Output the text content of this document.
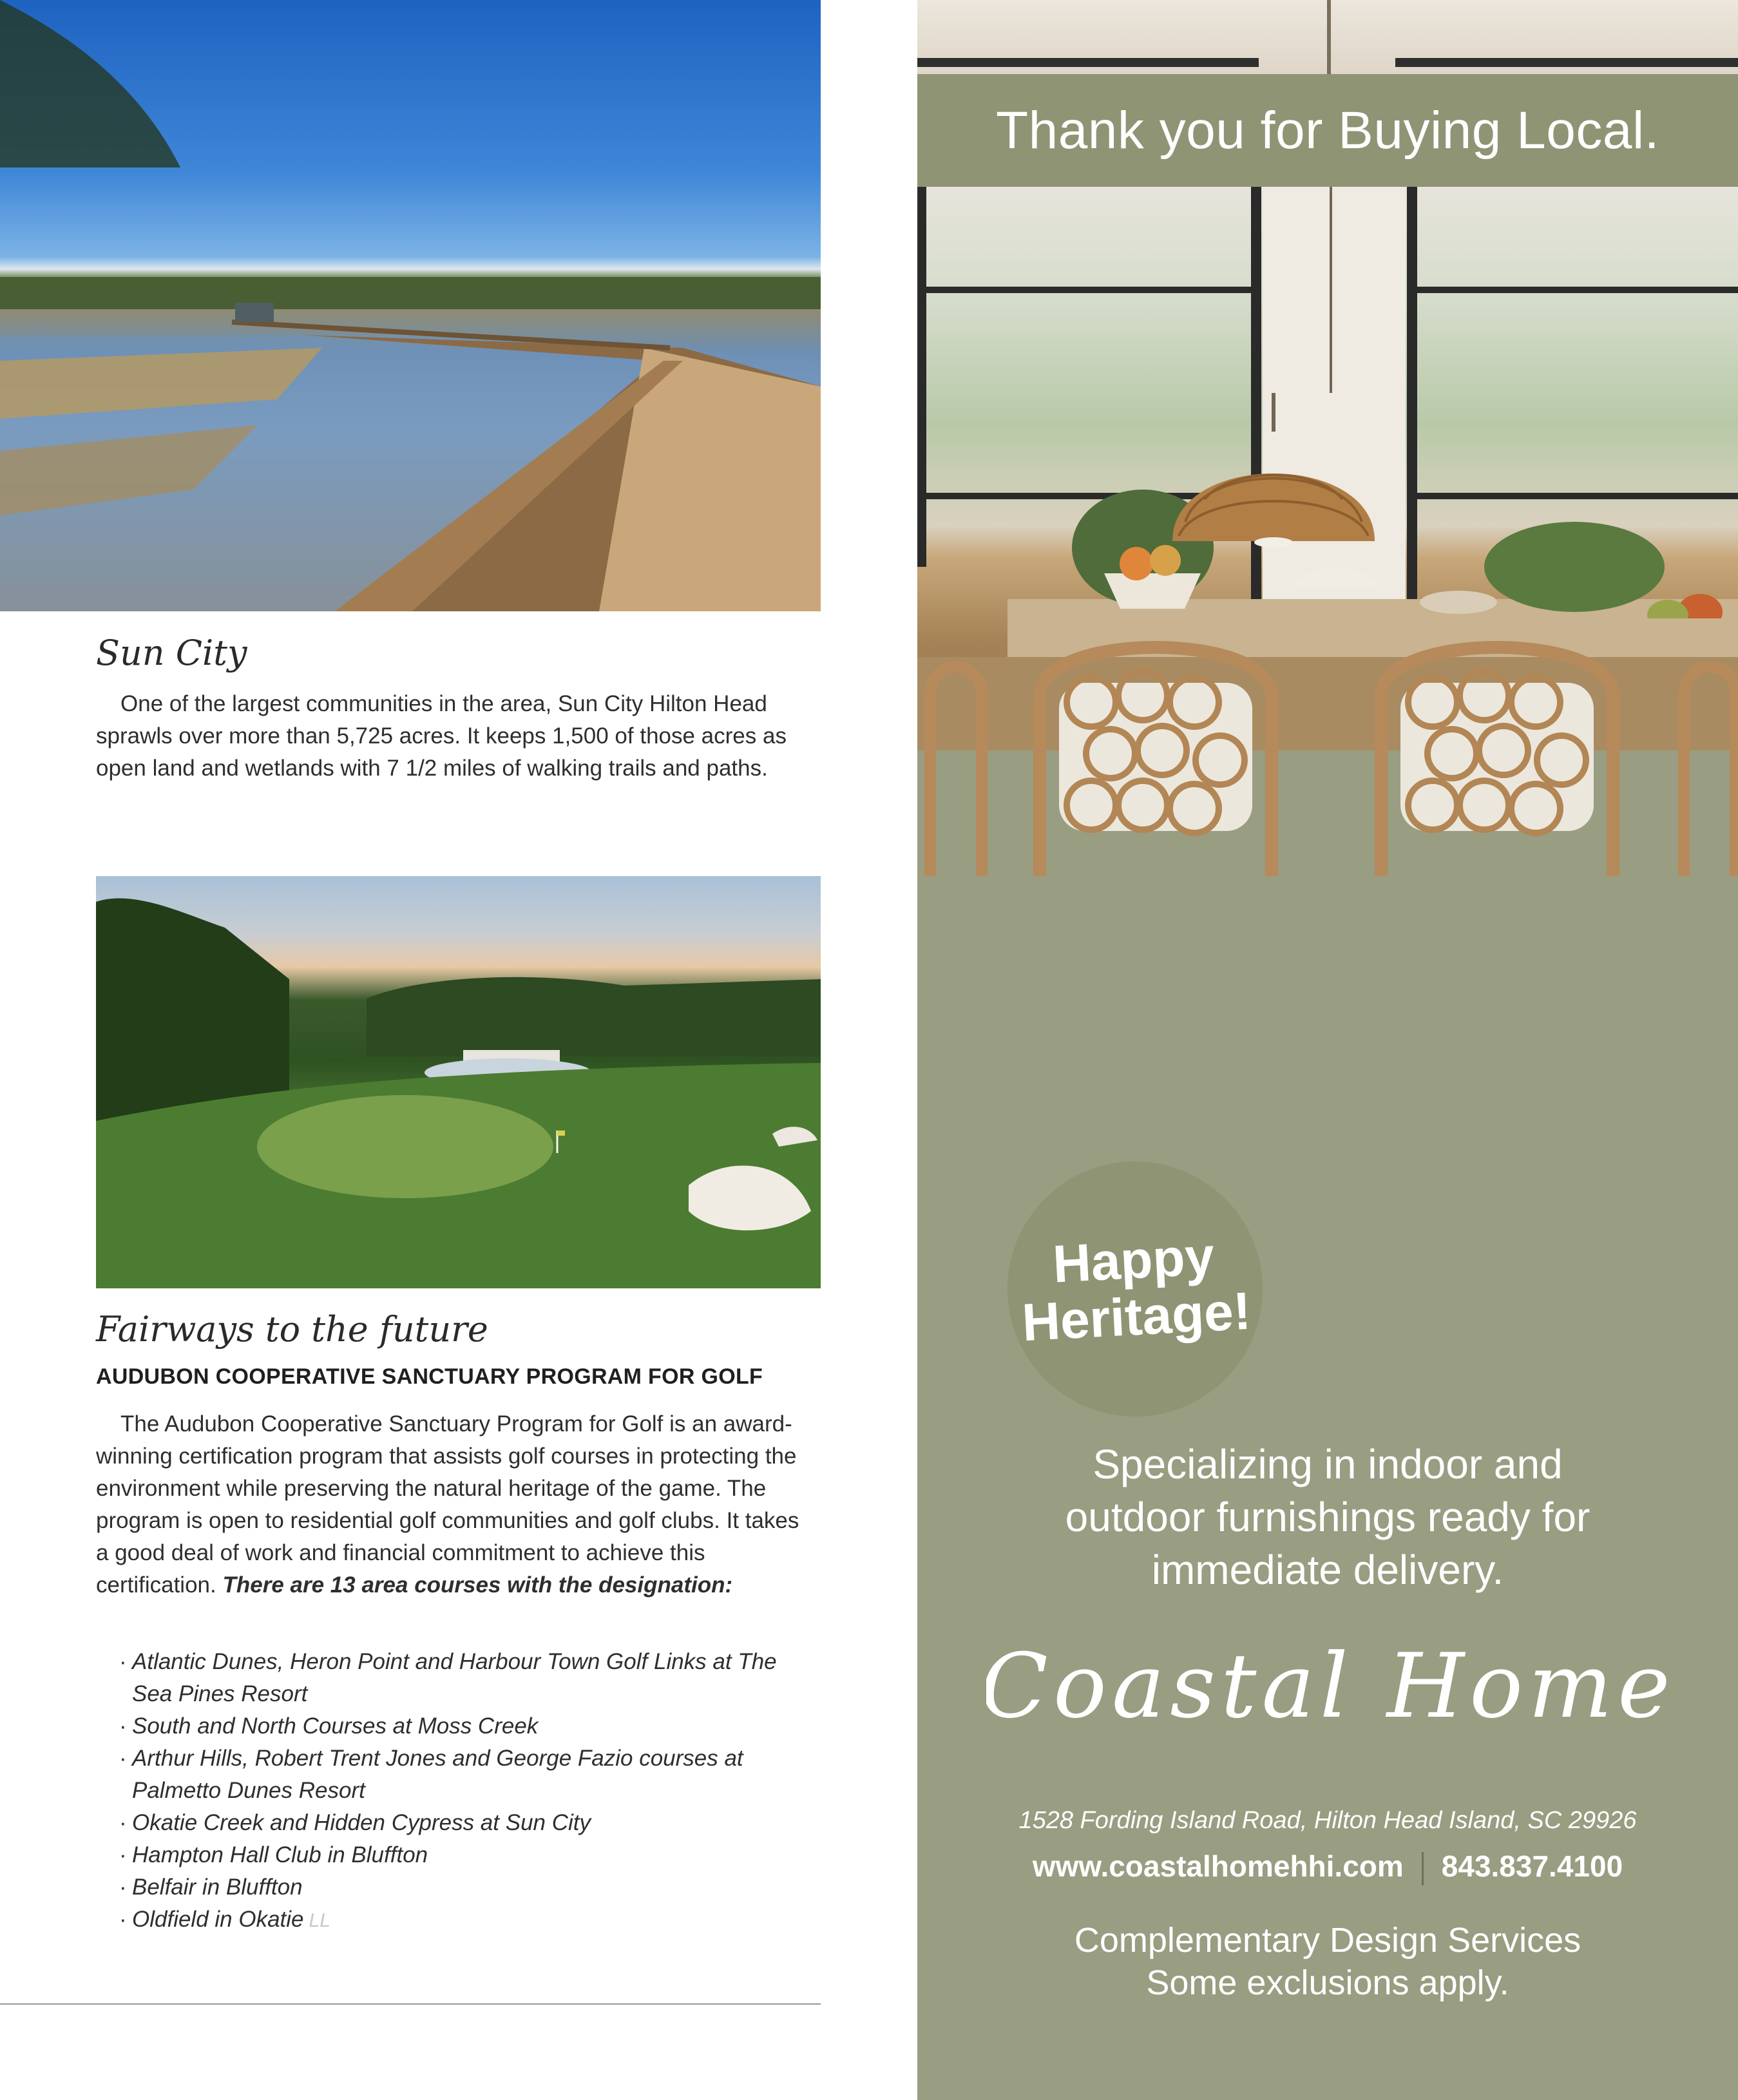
Sun City

One of the largest communities in the area, Sun City Hilton Head sprawls over more than 5,725 acres. It keeps 1,500 of those acres as open land and wetlands with 7 1/2 miles of walking trails and paths.

Fairways to the future

AUDUBON COOPERATIVE SANCTUARY PROGRAM FOR GOLF

The Audubon Cooperative Sanctuary Program for Golf is an award-winning certification program that assists golf courses in protecting the environment while preserving the natural heritage of the game. The program is open to residential golf communities and golf clubs. It takes a good deal of work and financial commitment to achieve this certification. There are 13 area courses with the designation:

· Atlantic Dunes, Heron Point and Harbour Town Golf Links at The Sea Pines Resort
· South and North Courses at Moss Creek
· Arthur Hills, Robert Trent Jones and George Fazio courses at Palmetto Dunes Resort
· Okatie Creek and Hidden Cypress at Sun City
· Hampton Hall Club in Bluffton
· Belfair in Bluffton
· Oldfield in Okatie LL
Thank you for Buying Local.
Happy
Heritage!

Specializing in indoor and

outdoor furnishings ready for

immediate delivery.

Coastal Home

1528 Fording Island Road, Hilton Head Island, SC 29926

www.coastalhomehhi.com 843.837.4100

Complementary Design Services

Some exclusions apply.
